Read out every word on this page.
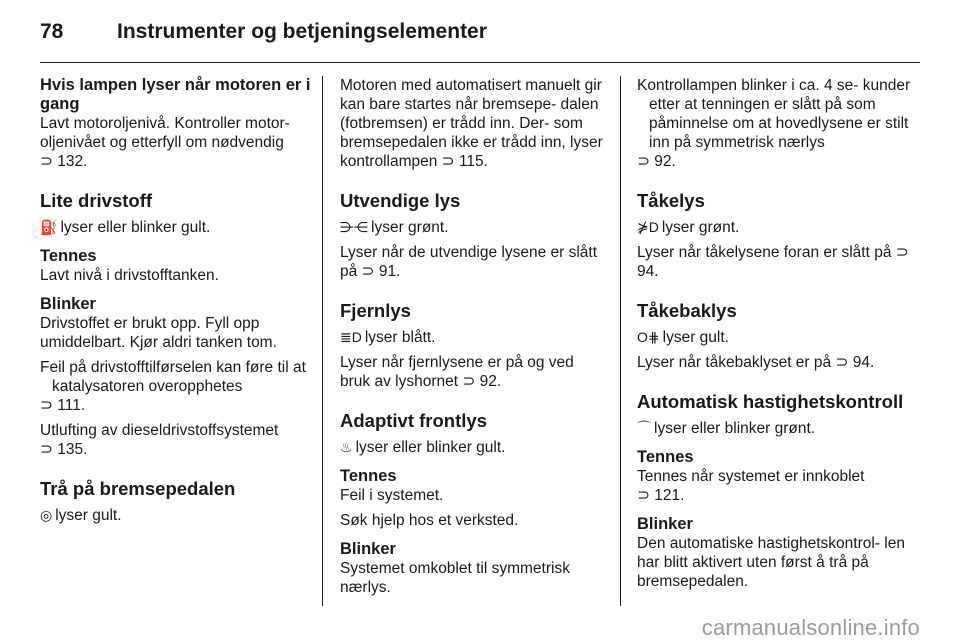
78	Instrumenter og betjeningselementer

Hvis lampen lyser når motoren er i gang

Lavt motoroljenivå. Kontroller motor- oljenivået og etterfyll om nødvendig

⊃ 132.

Lite drivstoff

⛽ lyser eller blinker gult.

Tennes

Lavt nivå i drivstofftanken.

Blinker

Drivstoffet er brukt opp. Fyll opp umiddelbart. Kjør aldri tanken tom.

Feil på drivstofftilførselen kan føre til at katalysatoren overopphetes

⊃ 111.

Utlufting av dieseldrivstoffsystemet

⊃ 135.

Trå på bremsepedalen

◎ lyser gult.

Motoren med automatisert manuelt gir kan bare startes når bremsepe- dalen (fotbremsen) er trådd inn. Der- som bremsepedalen ikke er trådd inn, lyser kontrollampen ⊃ 115.

Utvendige lys

⋺⋲ lyser grønt.

Lyser når de utvendige lysene er slått på ⊃ 91.

Fjernlys

≣D lyser blått.

Lyser når fjernlysene er på og ved bruk av lyshornet ⊃ 92.

Adaptivt frontlys

♨ lyser eller blinker gult.

Tennes

Feil i systemet.

Søk hjelp hos et verksted.

Blinker

Systemet omkoblet til symmetrisk nærlys.

Kontrollampen blinker i ca. 4 se- kunder etter at tenningen er slått på som påminnelse om at hovedlysene er stilt inn på symmetrisk nærlys

⊃ 92.

Tåkelys

⋡D lyser grønt.

Lyser når tåkelysene foran er slått på ⊃ 94.

Tåkebaklys

O⋕ lyser gult.

Lyser når tåkebaklyset er på ⊃ 94.

Automatisk hastighetskontroll

⌒ lyser eller blinker grønt.

Tennes

Tennes når systemet er innkoblet

⊃ 121.

Blinker

Den automatiske hastighetskontrol- len har blitt aktivert uten først å trå på bremsepedalen.

carmanualsonline.info
